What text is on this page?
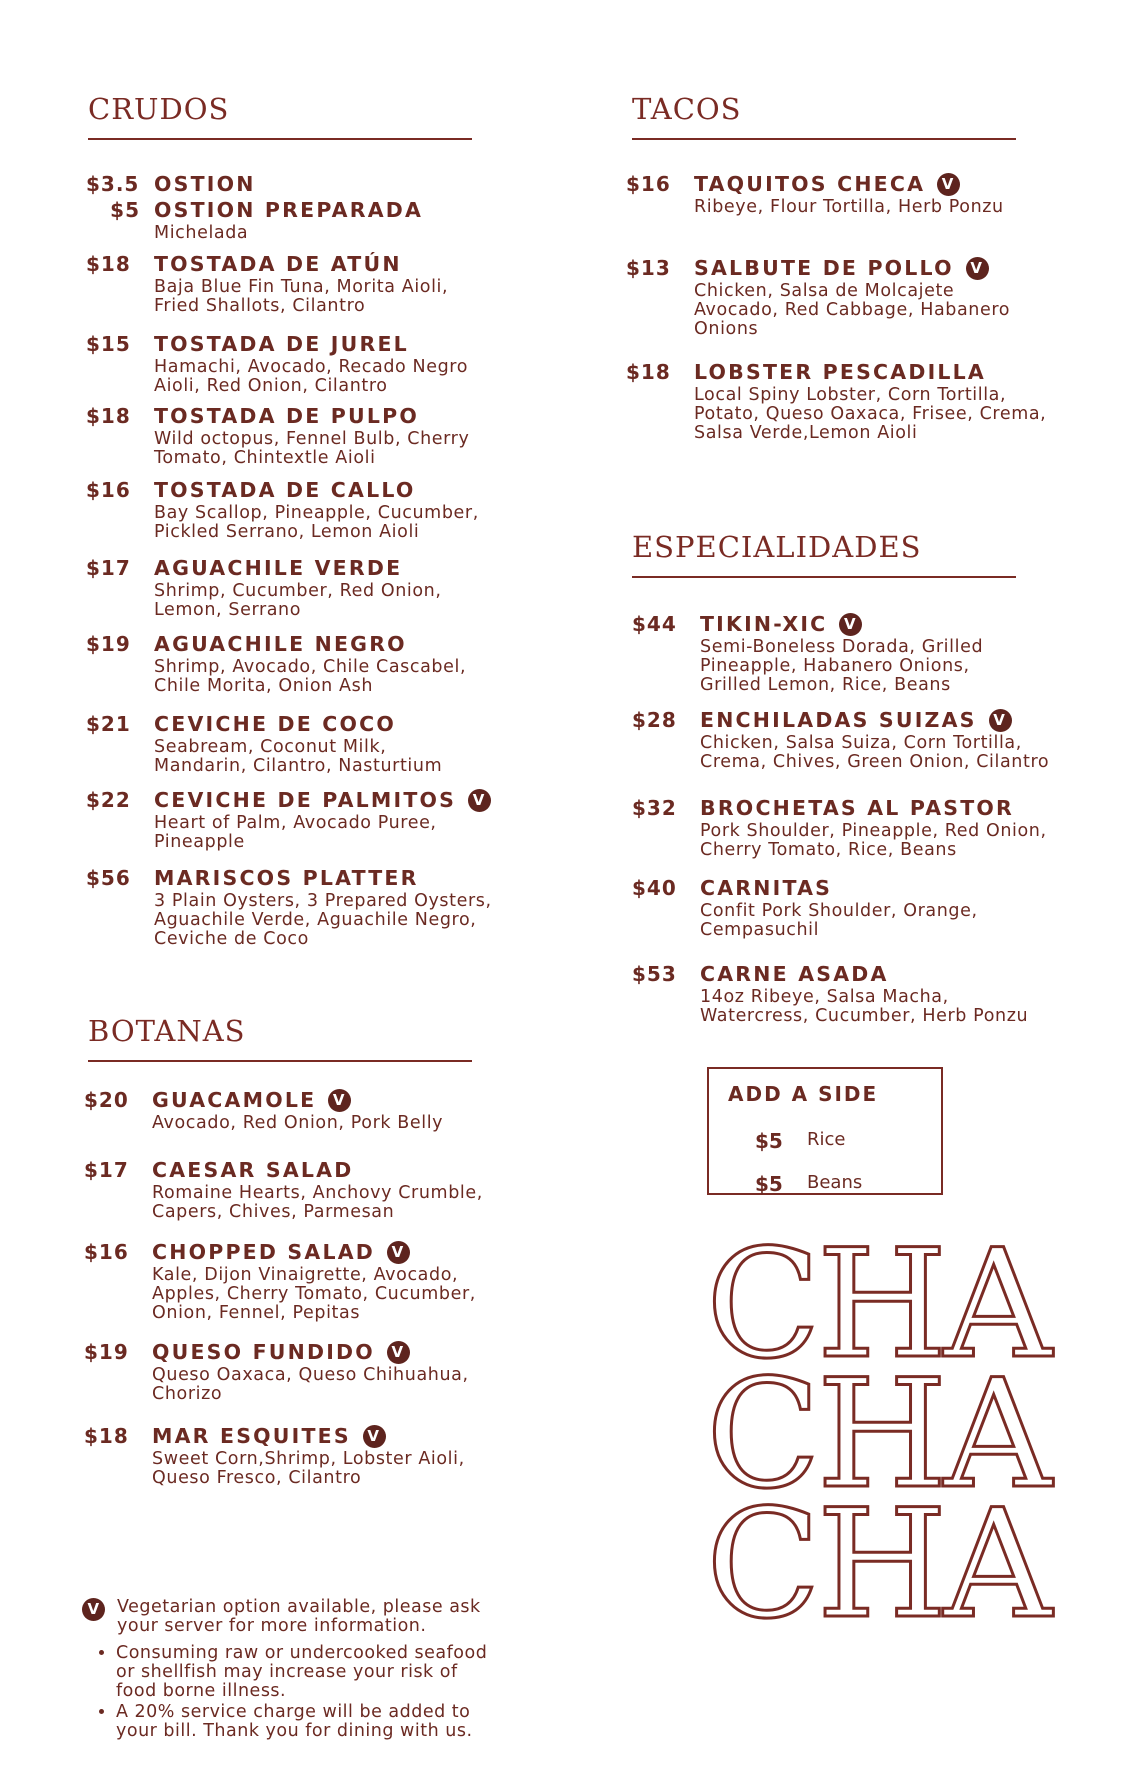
CRUDOS
$3.5 OSTION
$5 OSTION PREPARADA
Michelada
$18	TOSTADA DE ATÚN
Baja Blue Fin Tuna, Morita Aioli,
Fried Shallots, Cilantro
$15	TOSTADA DE JUREL
Hamachi, Avocado, Recado Negro
Aioli, Red Onion, Cilantro
$18	TOSTADA DE PULPO
Wild octopus, Fennel Bulb, Cherry
Tomato, Chintextle Aioli
$16	TOSTADA DE CALLO
Bay Scallop, Pineapple, Cucumber,
Pickled Serrano, Lemon Aioli
$17	AGUACHILE VERDE
Shrimp, Cucumber, Red Onion,
Lemon, Serrano
$19	AGUACHILE NEGRO
Shrimp, Avocado, Chile Cascabel,
Chile Morita, Onion Ash
$21	CEVICHE DE COCO
Seabream, Coconut Milk,
Mandarin, Cilantro, Nasturtium
$22	CEVICHE DE PALMITOS	V
Heart of Palm, Avocado Puree,
Pineapple
$56	MARISCOS PLATTER
3 Plain Oysters, 3 Prepared Oysters,
Aguachile Verde, Aguachile Negro,
Ceviche de Coco
BOTANAS
$20	GUACAMOLE	V
Avocado, Red Onion, Pork Belly
$17	CAESAR SALAD
Romaine Hearts, Anchovy Crumble,
Capers, Chives, Parmesan
$16	CHOPPED SALAD	V
Kale, Dijon Vinaigrette, Avocado,
Apples, Cherry Tomato, Cucumber,
Onion, Fennel, Pepitas
$19	QUESO FUNDIDO	V
Queso Oaxaca, Queso Chihuahua,
Chorizo
$18	MAR ESQUITES	V
Sweet Corn,Shrimp, Lobster Aioli,
Queso Fresco, Cilantro
TACOS
$16	TAQUITOS CHECA	V
Ribeye, Flour Tortilla, Herb Ponzu
$13	SALBUTE DE POLLO	V
Chicken, Salsa de Molcajete
Avocado, Red Cabbage, Habanero
Onions
$18	LOBSTER PESCADILLA
Local Spiny Lobster, Corn Tortilla,
Potato, Queso Oaxaca, Frisee, Crema,
Salsa Verde,Lemon Aioli
ESPECIALIDADES
$44	TIKIN-XIC	V
Semi-Boneless Dorada, Grilled
Pineapple, Habanero Onions,
Grilled Lemon, Rice, Beans
$28	ENCHILADAS SUIZAS	V
Chicken, Salsa Suiza, Corn Tortilla,
Crema, Chives, Green Onion, Cilantro
$32	BROCHETAS AL PASTOR
Pork Shoulder, Pineapple, Red Onion,
Cherry Tomato, Rice, Beans
$40	CARNITAS
Confit Pork Shoulder, Orange,
Cempasuchil
$53	CARNE ASADA
14oz Ribeye, Salsa Macha,
Watercress, Cucumber, Herb Ponzu
ADD A SIDE
$5	Rice
$5	Beans
CHA
CHA
CHA
V Vegetarian option available, please ask your server for more information.
• Consuming raw or undercooked seafood or shellfish may increase your risk of food borne illness.
• A 20% service charge will be added to your bill. Thank you for dining with us.
